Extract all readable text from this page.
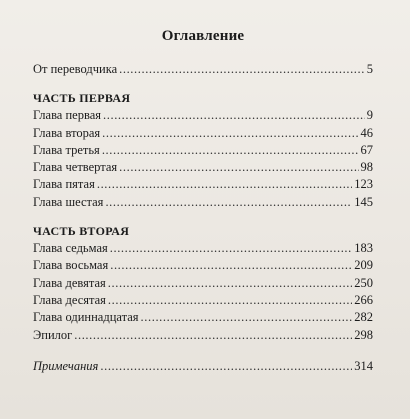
Оглавление
От переводчика .....	5
ЧАСТЬ ПЕРВАЯ
Глава первая .....	9
Глава вторая .....	46
Глава третья .....	67
Глава четвертая .....	98
Глава пятая .....	123
Глава шестая .....	145
ЧАСТЬ ВТОРАЯ
Глава седьмая .....	183
Глава восьмая .....	209
Глава девятая .....	250
Глава десятая .....	266
Глава одиннадцатая .....	282
Эпилог .....	298
Примечания .....	314
